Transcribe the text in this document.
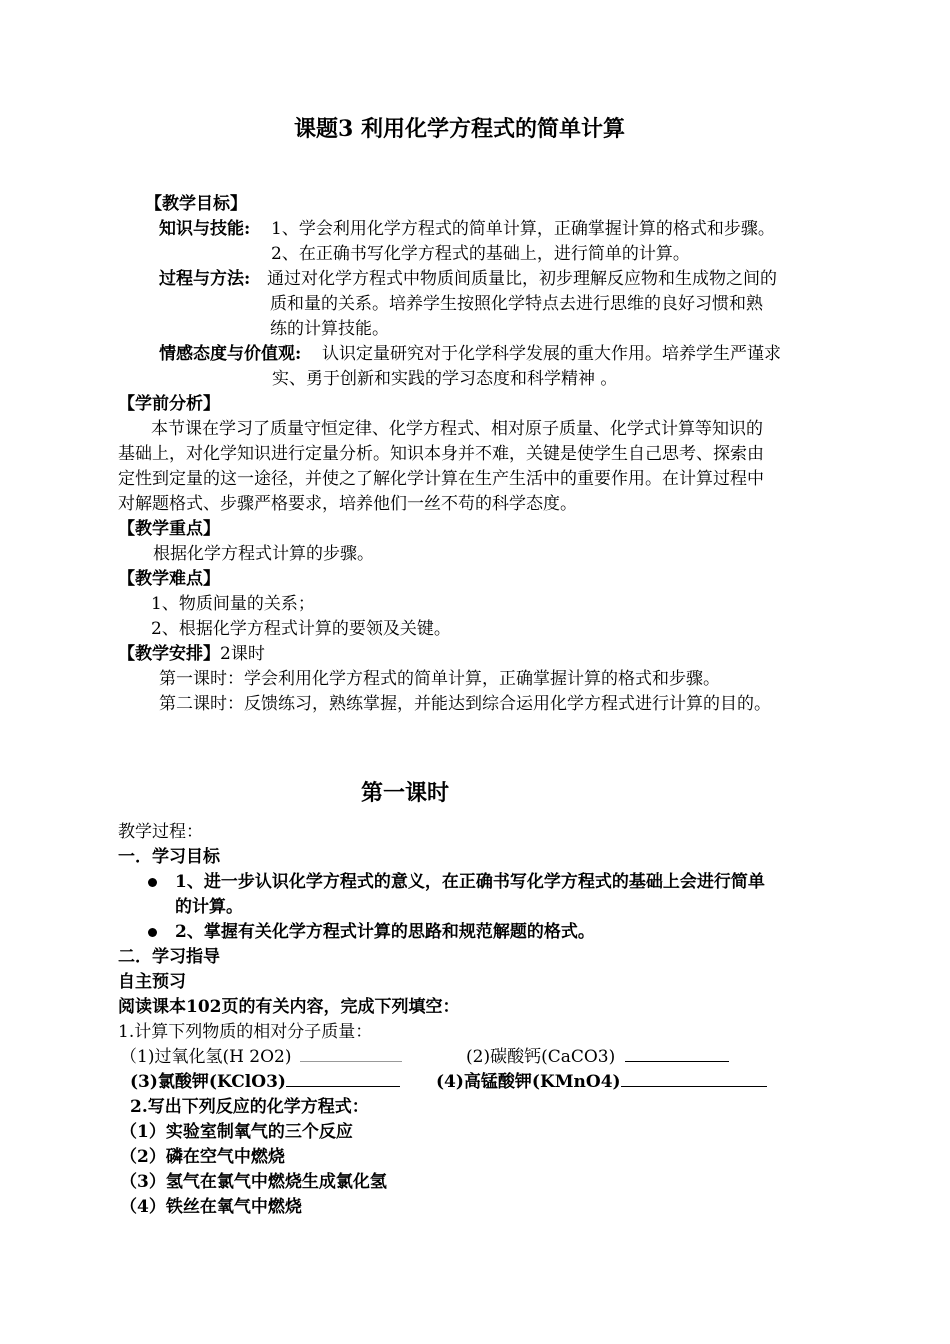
课题3 利用化学方程式的简单计算
【教学目标】
知识与技能: 1、学会利用化学方程式的简单计算，正确掌握计算的格式和步骤。
2、在正确书写化学方程式的基础上，进行简单的计算。
过程与方法: 通过对化学方程式中物质间质量比，初步理解反应物和生成物之间的
质和量的关系。培养学生按照化学特点去进行思维的良好习惯和熟
练的计算技能。
情感态度与价值观: 认识定量研究对于化学科学发展的重大作用。培养学生严谨求
实、勇于创新和实践的学习态度和科学精神 。
【学前分析】
本节课在学习了质量守恒定律、化学方程式、相对原子质量、化学式计算等知识的
基础上，对化学知识进行定量分析。知识本身并不难，关键是使学生自己思考、探索由
定性到定量的这一途径，并使之了解化学计算在生产生活中的重要作用。在计算过程中
对解题格式、步骤严格要求，培养他们一丝不苟的科学态度。
【教学重点】
根据化学方程式计算的步骤。
【教学难点】
1、物质间量的关系；
2、根据化学方程式计算的要领及关键。
【教学安排】2课时
第一课时：学会利用化学方程式的简单计算，正确掌握计算的格式和步骤。
第二课时：反馈练习，熟练掌握，并能达到综合运用化学方程式进行计算的目的。
第一课时
教学过程：
一．学习目标
1、进一步认识化学方程式的意义，在正确书写化学方程式的基础上会进行简单
的计算。
2、掌握有关化学方程式计算的思路和规范解题的格式。
二．学习指导
自主预习
阅读课本102页的有关内容，完成下列填空：
1.计算下列物质的相对分子质量：
（1)过氧化氢(H 2O2)	(2)碳酸钙(CaCO3)
(3)氯酸钾(KClO3)	(4)高锰酸钾(KMnO4)
2.写出下列反应的化学方程式：
（1）实验室制氧气的三个反应
（2）磷在空气中燃烧
（3）氢气在氯气中燃烧生成氯化氢
（4）铁丝在氧气中燃烧
